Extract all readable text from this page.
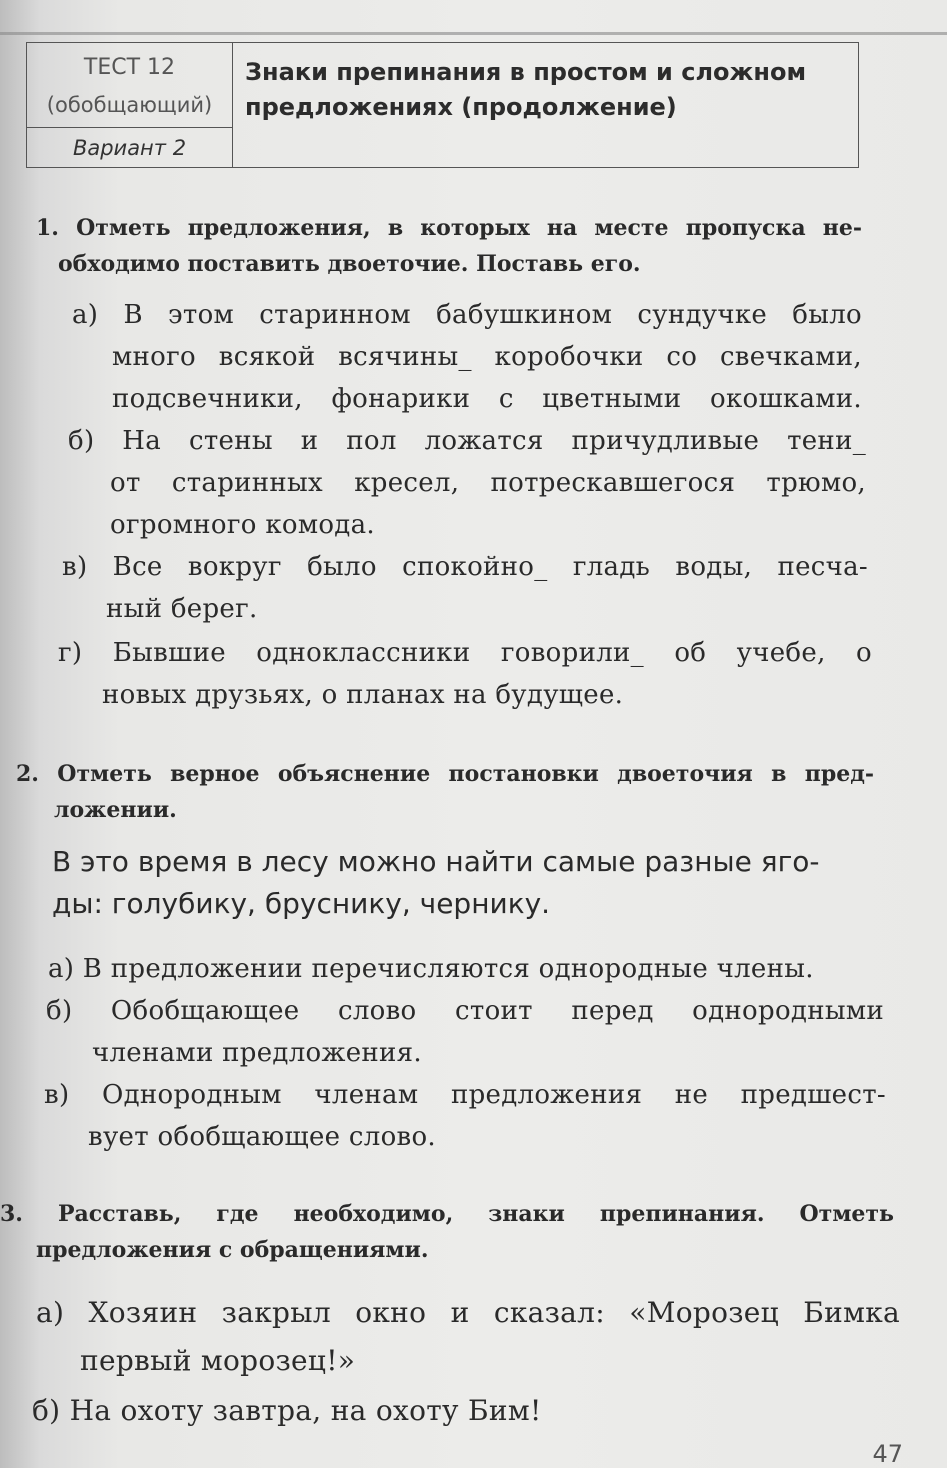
ТЕСТ 12
(обобщающий)
Вариант 2
Знаки препинания в простом и сложном
предложениях (продолжение)
1. Отметь предложения, в которых на месте пропуска не-
обходимо поставить двоеточие. Поставь его.
а) В этом старинном бабушкином сундучке было
много всякой всячины_ коробочки со свечками,
подсвечники, фонарики с цветными окошками.
б) На стены и пол ложатся причудливые тени_
от старинных кресел, потрескавшегося трюмо,
огромного комода.
в) Все вокруг было спокойно_ гладь воды, песча-
ный берег.
г) Бывшие одноклассники говорили_ об учебе, о
новых друзьях, о планах на будущее.
2. Отметь верное объяснение постановки двоеточия в пред-
ложении.
В это время в лесу можно найти самые разные яго-
ды: голубику, бруснику, чернику.
а) В предложении перечисляются однородные члены.
б) Обобщающее слово стоит перед однородными
членами предложения.
в) Однородным членам предложения не предшест-
вует обобщающее слово.
3. Расставь, где необходимо, знаки препинания. Отметь
предложения с обращениями.
а) Хозяин закрыл окно и сказал: «Морозец Бимка
первый морозец!»
б) На охоту завтра, на охоту Бим!
47
